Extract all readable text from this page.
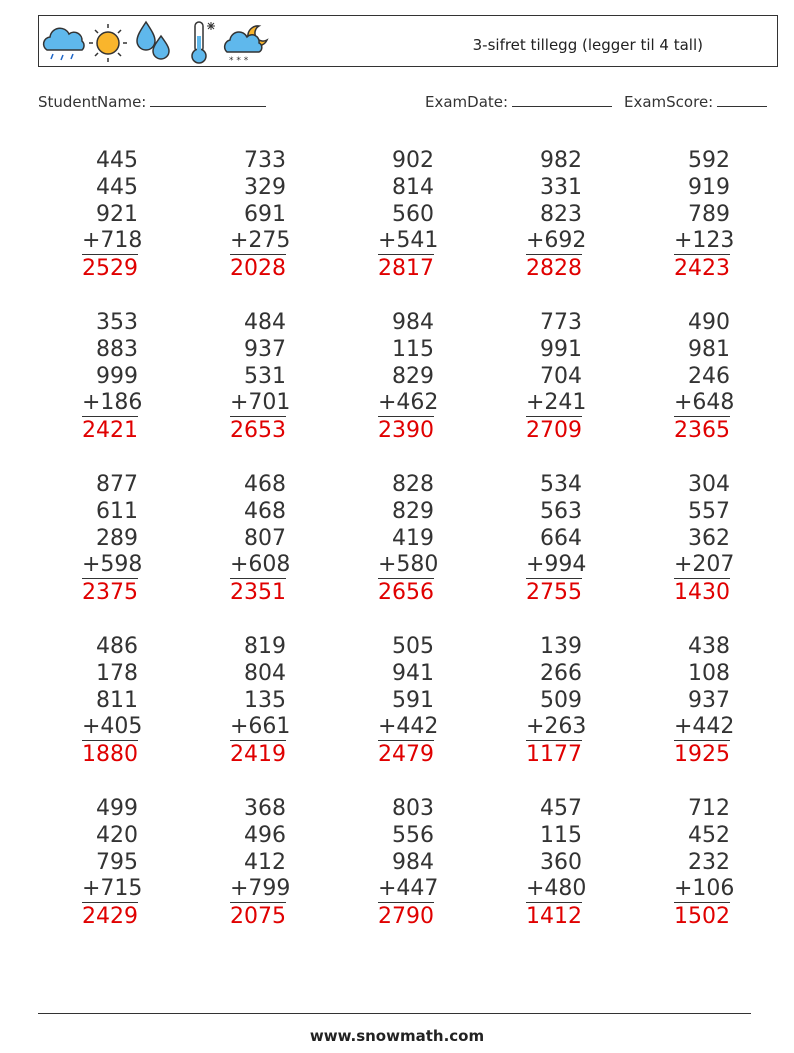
* * *
3-sifret tillegg (legger til 4 tall)
StudentName:	ExamDate:	ExamScore:
445
445
921
+718
2529
733
329
691
+275
2028
902
814
560
+541
2817
982
331
823
+692
2828
592
919
789
+123
2423
353
883
999
+186
2421
484
937
531
+701
2653
984
115
829
+462
2390
773
991
704
+241
2709
490
981
246
+648
2365
877
611
289
+598
2375
468
468
807
+608
2351
828
829
419
+580
2656
534
563
664
+994
2755
304
557
362
+207
1430
486
178
811
+405
1880
819
804
135
+661
2419
505
941
591
+442
2479
139
266
509
+263
1177
438
108
937
+442
1925
499
420
795
+715
2429
368
496
412
+799
2075
803
556
984
+447
2790
457
115
360
+480
1412
712
452
232
+106
1502
www.snowmath.com
